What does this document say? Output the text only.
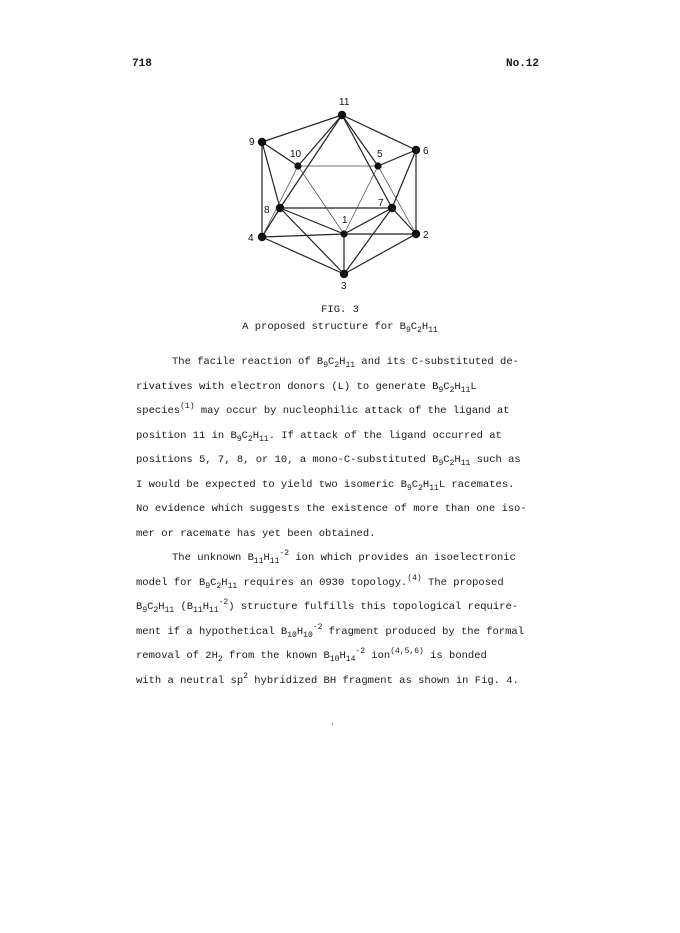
718	No.12
11
9
10	5	6
8
7
1
4	2
3
FIG. 3
A proposed structure for $B_9C_2H_{11}$
The facile reaction of $B_9C_2H_{11}$ and its C-substituted de-
rivatives with electron donors (L) to generate $B_9C_2H_{11}L$
species$^{(1)}$ may occur by nucleophilic attack of the ligand at
position 11 in $B_9C_2H_{11}$. If attack of the ligand occurred at
positions 5, 7, 8, or 10, a mono-C-substituted $B_9C_2H_{11}$ such as
I would be expected to yield two isomeric $B_9C_2H_{11}L$ racemates.
No evidence which suggests the existence of more than one iso-
mer or racemate has yet been obtained.
The unknown $B_{11}H_{11}^{-2}$ ion which provides an isoelectronic
model for $B_9C_2H_{11}$ requires an 0930 topology.$^{(4)}$ The proposed
$B_9C_2H_{11}$ $(B_{11}H_{11}^{-2})$ structure fulfills this topological require-
ment if a hypothetical $B_{10}H_{10}^{-2}$ fragment produced by the formal
removal of $2H_2$ from the known $B_{10}H_{14}^{-2}$ ion$^{(4,5,6)}$ is bonded
with a neutral $sp^2$ hybridized BH fragment as shown in Fig. 4.
'
